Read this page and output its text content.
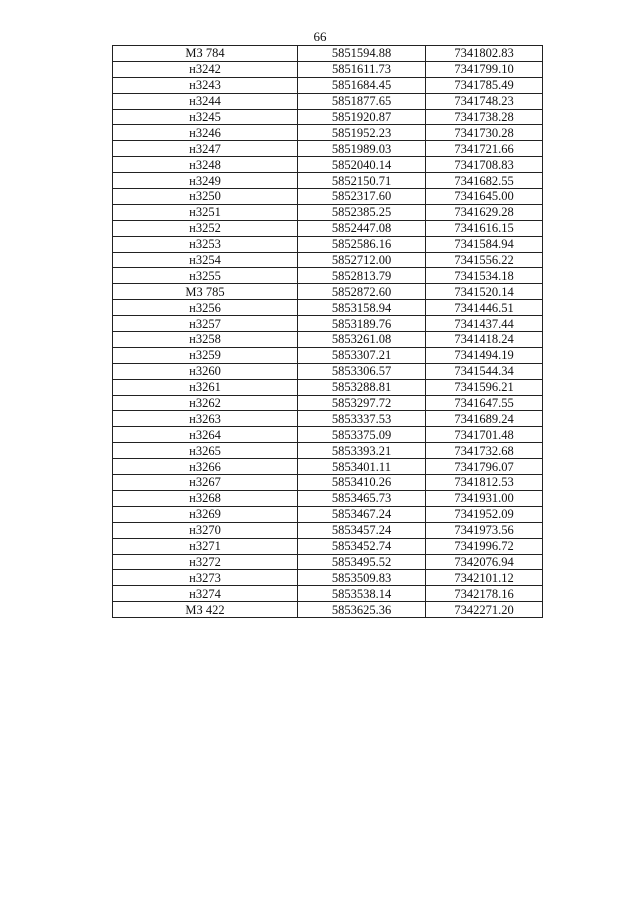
66
МЗ 784	5851594.88	7341802.83
н3242	5851611.73	7341799.10
н3243	5851684.45	7341785.49
н3244	5851877.65	7341748.23
н3245	5851920.87	7341738.28
н3246	5851952.23	7341730.28
н3247	5851989.03	7341721.66
н3248	5852040.14	7341708.83
н3249	5852150.71	7341682.55
н3250	5852317.60	7341645.00
н3251	5852385.25	7341629.28
н3252	5852447.08	7341616.15
н3253	5852586.16	7341584.94
н3254	5852712.00	7341556.22
н3255	5852813.79	7341534.18
МЗ 785	5852872.60	7341520.14
н3256	5853158.94	7341446.51
н3257	5853189.76	7341437.44
н3258	5853261.08	7341418.24
н3259	5853307.21	7341494.19
н3260	5853306.57	7341544.34
н3261	5853288.81	7341596.21
н3262	5853297.72	7341647.55
н3263	5853337.53	7341689.24
н3264	5853375.09	7341701.48
н3265	5853393.21	7341732.68
н3266	5853401.11	7341796.07
н3267	5853410.26	7341812.53
н3268	5853465.73	7341931.00
н3269	5853467.24	7341952.09
н3270	5853457.24	7341973.56
н3271	5853452.74	7341996.72
н3272	5853495.52	7342076.94
н3273	5853509.83	7342101.12
н3274	5853538.14	7342178.16
МЗ 422	5853625.36	7342271.20
